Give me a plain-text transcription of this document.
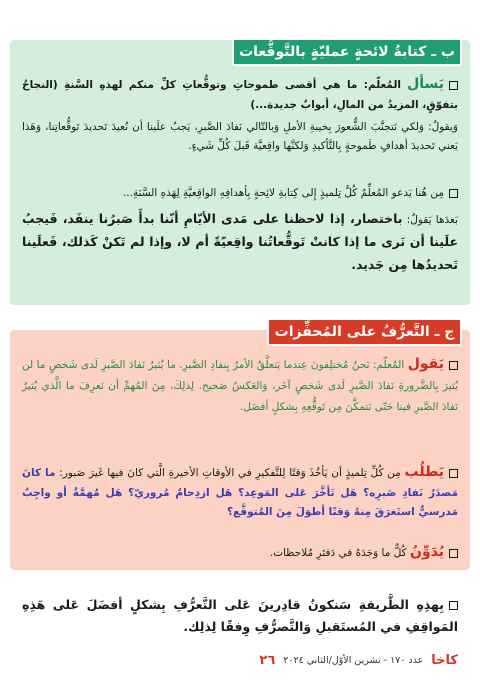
ب ـ كتابةُ لائحةٍ عمليّةٍ بالتَّوقُّعات
يَسأل المُعلّم: ما هي أقصى طموحاتِ وتوقُّعاتِ كلِّ منكم لهذهِ السَّنةِ (النجاحُ بتفوّقٍ، المزيدُ من المالِ، أبوابٌ جديدة...)
وَيقولُ: وَلكي نَتجنَّبَ الشُّعورَ بِخيبةِ الأملِ وَبالتّالي نَفادَ الصَّبرِ، يَجبُ علَينا أن نُعيدَ تَحديدَ تَوقُّعاتِنا، وَهَذا يَعني تَحديدَ أهدافٍ طَموحةٍ بِالتَّأكيدِ وَلكنَّها واقِعيَّة قَبلَ كُلِّ شَيءٍ.
مِن هُنا يَدعو المُعلِّمُ كُلَّ تِلميذٍ إِلى كِتابةِ لائِحةٍ بِأهدافِهِ الواقِعيَّةِ لِهَذهِ السَّنَةِ...
بَعدَها يَقولُ: باختصار، إذا لاحظنا على مَدى الأيّامِ أنّنا بدأَ صَبرُنا ينفَد، فَيجبُ علَينا أن نَرى ما إذا كانتْ تَوقُّعاتُنا واقِعيّةً أم لا، وإذا لم تَكنْ كَذلك، فَعلَينا تَحديدُها مِن جَديد.
ج ـ التَّعرُّفُ على المُحفِّزات
يَقول المُعلّم: نَحنُ مُختلِفونَ عِندما يَتعلَّقُ الأمرُ بِنفادِ الصَّبرِ. ما يُثيرُ نَفادَ الصَّبرِ لَدى شَخصٍ ما لن يُثيرَ بِالضَّرورةِ نَفادَ الصَّبرِ لَدى شَخصٍ آخَر، وَالعَكسُ صَحيح. لِذلِكَ، مِنَ المُهمِّ أن نَعرِفَ ما الَّذي يُثيرُ نَفادَ الصَّبرِ فينا حَتّى نَتمكَّنَ مِن تَوقُّعِهِ بِشكلٍ أفضَل.
يَطلُب مِن كُلِّ تِلميذٍ أن يَأخُذَ وَقتًا لِلتَّفكيرِ في الأوقاتِ الأخيرةِ الَّتي كانَ فيها غَيرَ صَبور: ما كانَ مَصدَرُ نَفادِ صَبرِه؟ هَل تَأخَّرَ عَلى المَوعِد؟ هَل ازدِحامٌ مُروريّ؟ هَل مُهمَّةٌ أو واجِبٌ مَدرسيٌّ استَغرَقَ مِنهُ وَقتًا أطوَلَ مِنَ المُتوقَّع؟
يُدَوِّنُ كُلٌّ ما وَجَدَهُ في دَفتَرِ مُلاحظات.
بِهذِهِ الطَّريقةِ سَنكونُ قادِرينَ عَلى التَّعرُّفِ بِشكلٍ أفضَلَ عَلى هَذِهِ المَواقِفِ في المُستَقبلِ وَالتَّصرُّفِ وِفقًا لِذلِك.
كاخا
عدد ١٧٠ - تشرين الأوّل/الثاني ٢٠٢٤
٢٦
